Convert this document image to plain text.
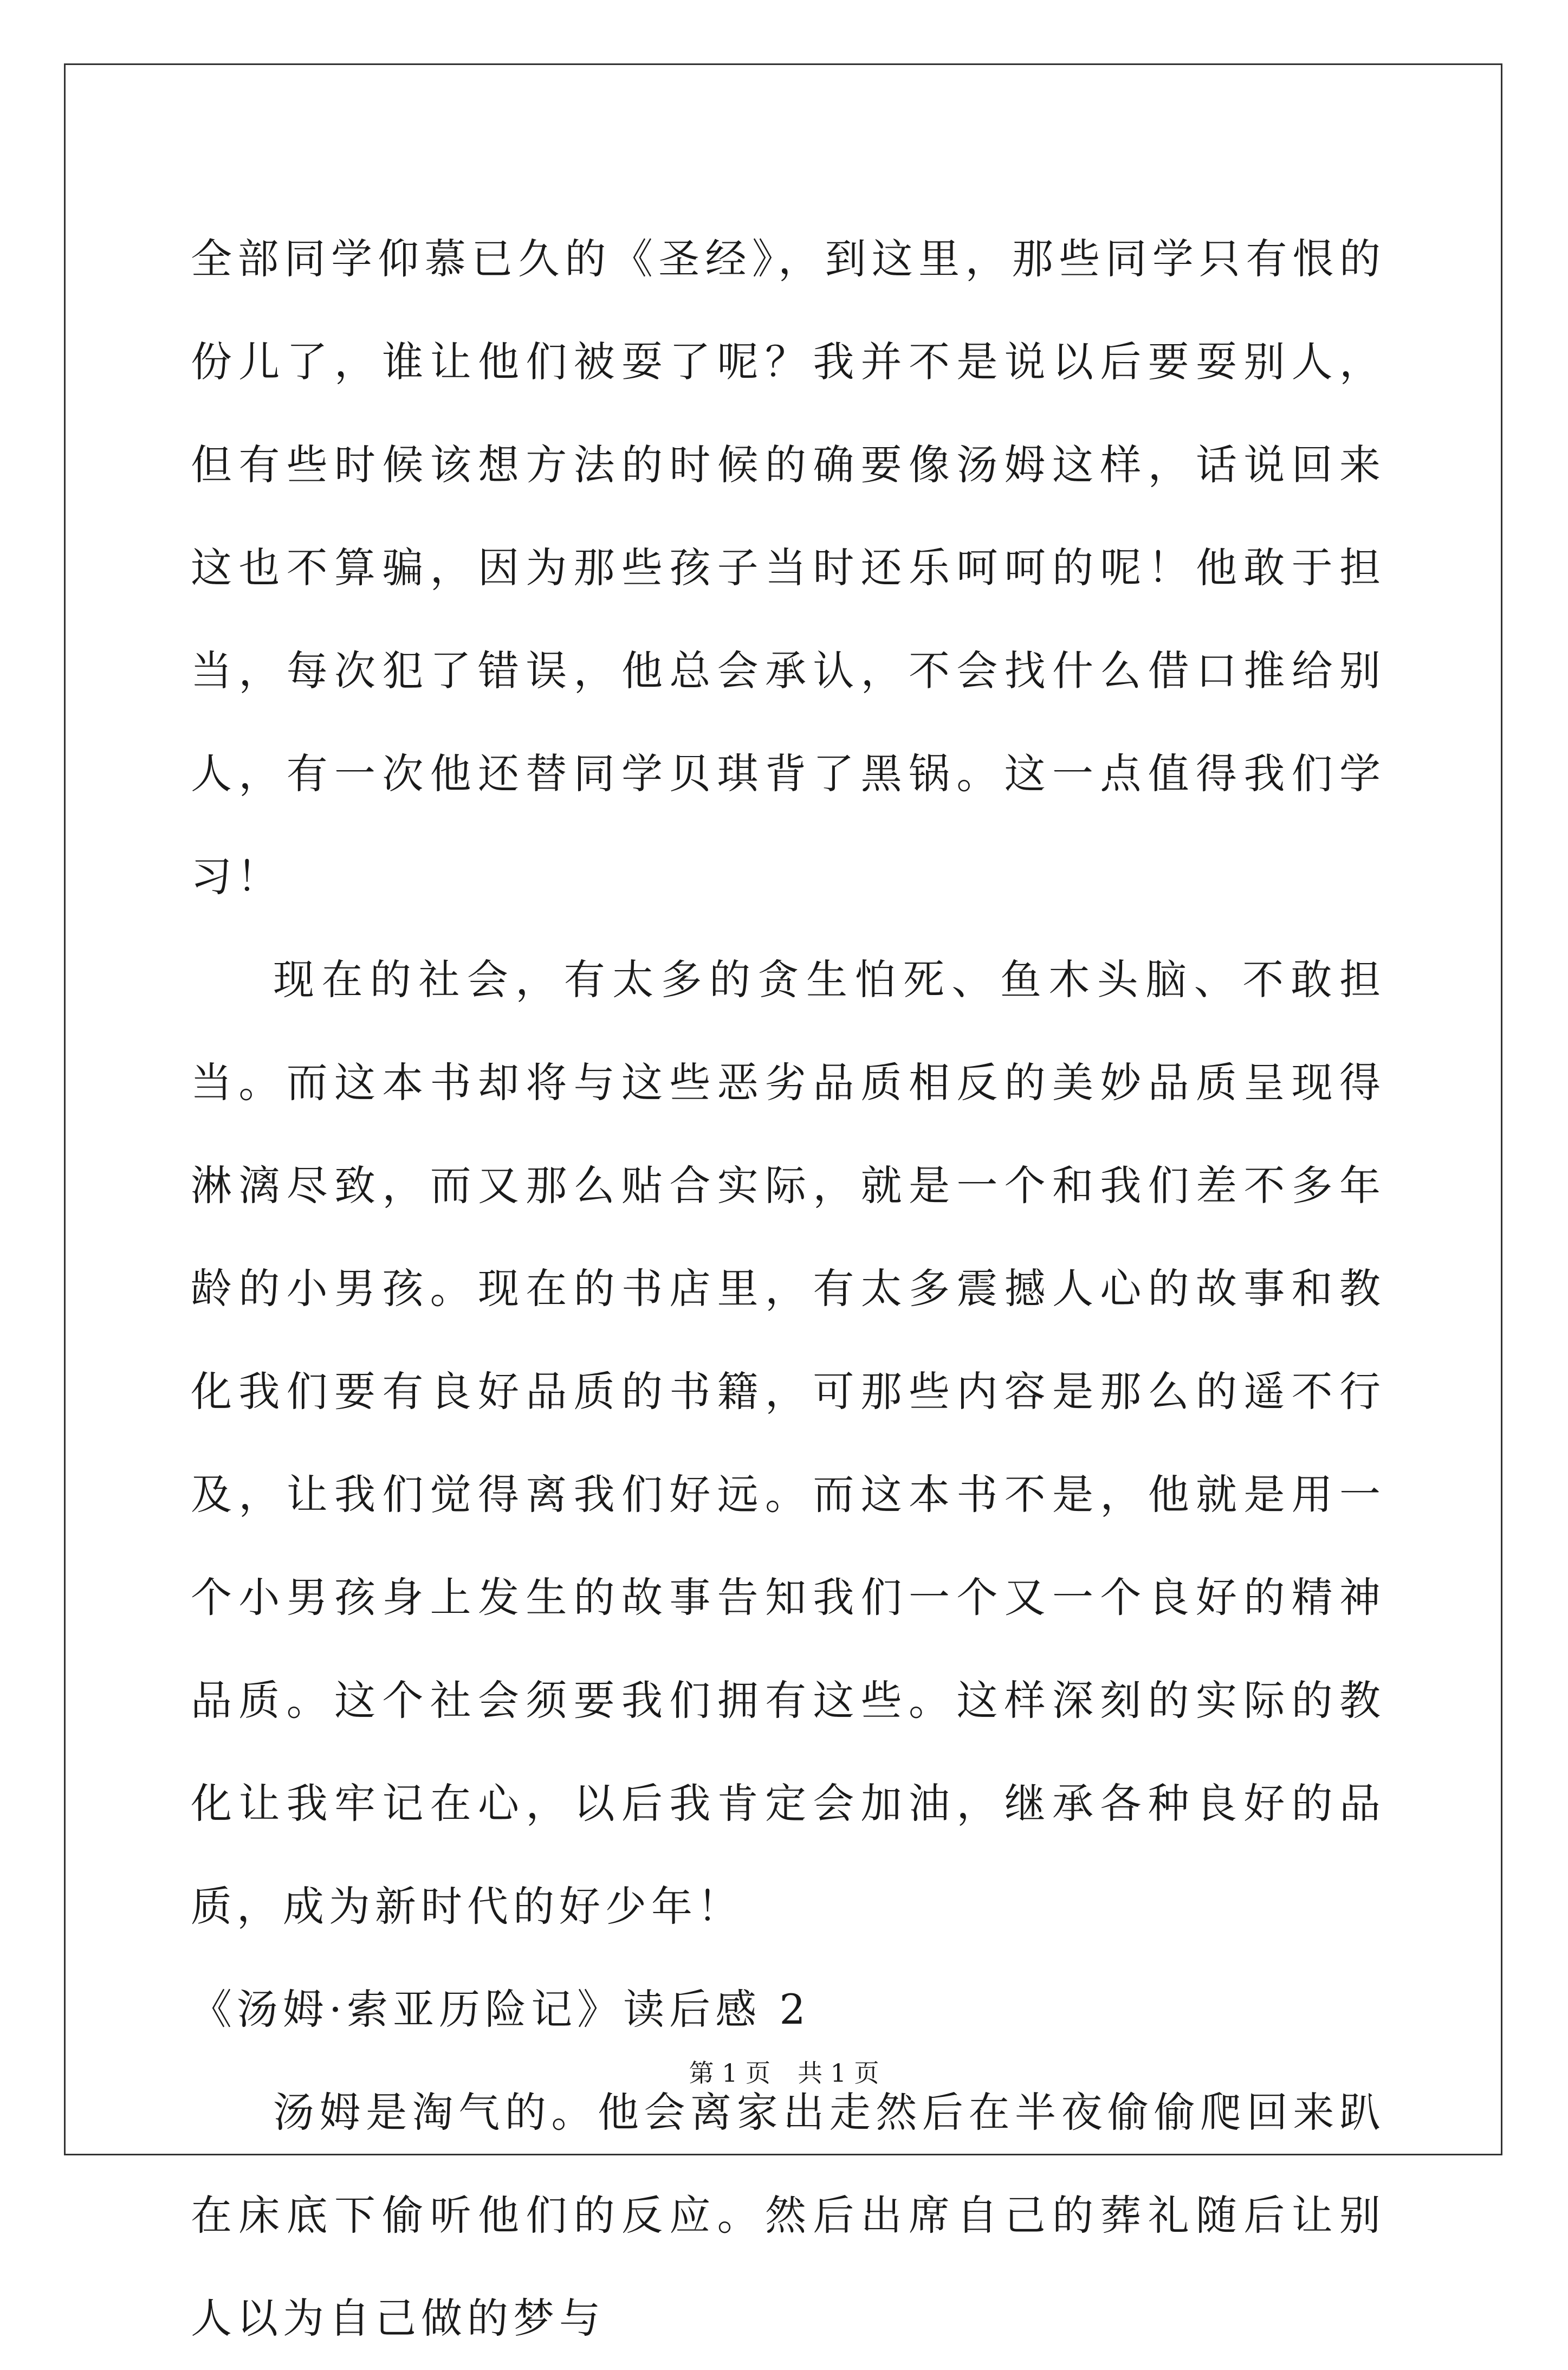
全部同学仰慕已久的《圣经》，到这里，那些同学只有恨的份儿了，谁让他们被耍了呢？我并不是说以后要耍别人，但有些时候该想方法的时候的确要像汤姆这样，话说回来这也不算骗，因为那些孩子当时还乐呵呵的呢！他敢于担当，每次犯了错误，他总会承认，不会找什么借口推给别人，有一次他还替同学贝琪背了黑锅。这一点值得我们学习！

现在的社会，有太多的贪生怕死、鱼木头脑、不敢担当。而这本书却将与这些恶劣品质相反的美妙品质呈现得淋漓尽致，而又那么贴合实际，就是一个和我们差不多年龄的小男孩。现在的书店里，有太多震撼人心的故事和教化我们要有良好品质的书籍，可那些内容是那么的遥不行及，让我们觉得离我们好远。而这本书不是，他就是用一个小男孩身上发生的故事告知我们一个又一个良好的精神品质。这个社会须要我们拥有这些。这样深刻的实际的教化让我牢记在心，以后我肯定会加油，继承各种良好的品质，成为新时代的好少年！

《汤姆·索亚历险记》读后感 2

汤姆是淘气的。他会离家出走然后在半夜偷偷爬回来趴在床底下偷听他们的反应。然后出席自己的葬礼随后让别人以为自己做的梦与

第 1 页 共 1 页
